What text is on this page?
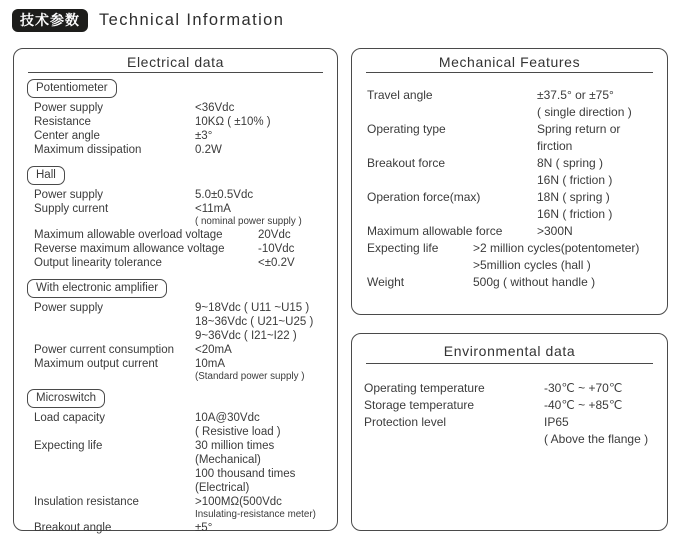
技术参数	Technical Information
Electrical data
Potentiometer
Power supply	<36Vdc
Resistance	10KΩ ( ±10% )
Center angle	±3°
Maximum dissipation	0.2W
Hall
Power supply	5.0±0.5Vdc
Supply current	<11mA
( nominal power supply )
Maximum allowable overload voltage	20Vdc
Reverse maximum allowance voltage	-10Vdc
Output linearity tolerance	<±0.2V
With electronic amplifier
Power supply	9~18Vdc ( U11 ~U15 )
18~36Vdc ( U21~U25 )
9~36Vdc ( I21~I22 )
Power current consumption	<20mA
Maximum output current	10mA
(Standard power supply )
Microswitch
Load capacity	10A@30Vdc
( Resistive load )
Expecting life	30 million times
(Mechanical)
100 thousand times
(Electrical)
Insulation resistance	>100MΩ(500Vdc
Insulating-resistance meter)
Breakout angle	±5°
Mechanical Features
Travel angle	±37.5° or ±75°
( single direction )
Operating type	Spring return or
firction
Breakout force	8N ( spring )
16N ( friction )
Operation force(max)	18N ( spring )
16N ( friction )
Maximum allowable force	>300N
Expecting life	>2 million cycles(potentometer)
>5million cycles (hall )
Weight	500g ( without handle )
Environmental data
Operating temperature	-30℃ ~ +70℃
Storage temperature	-40℃ ~ +85℃
Protection level	IP65
( Above the flange )
